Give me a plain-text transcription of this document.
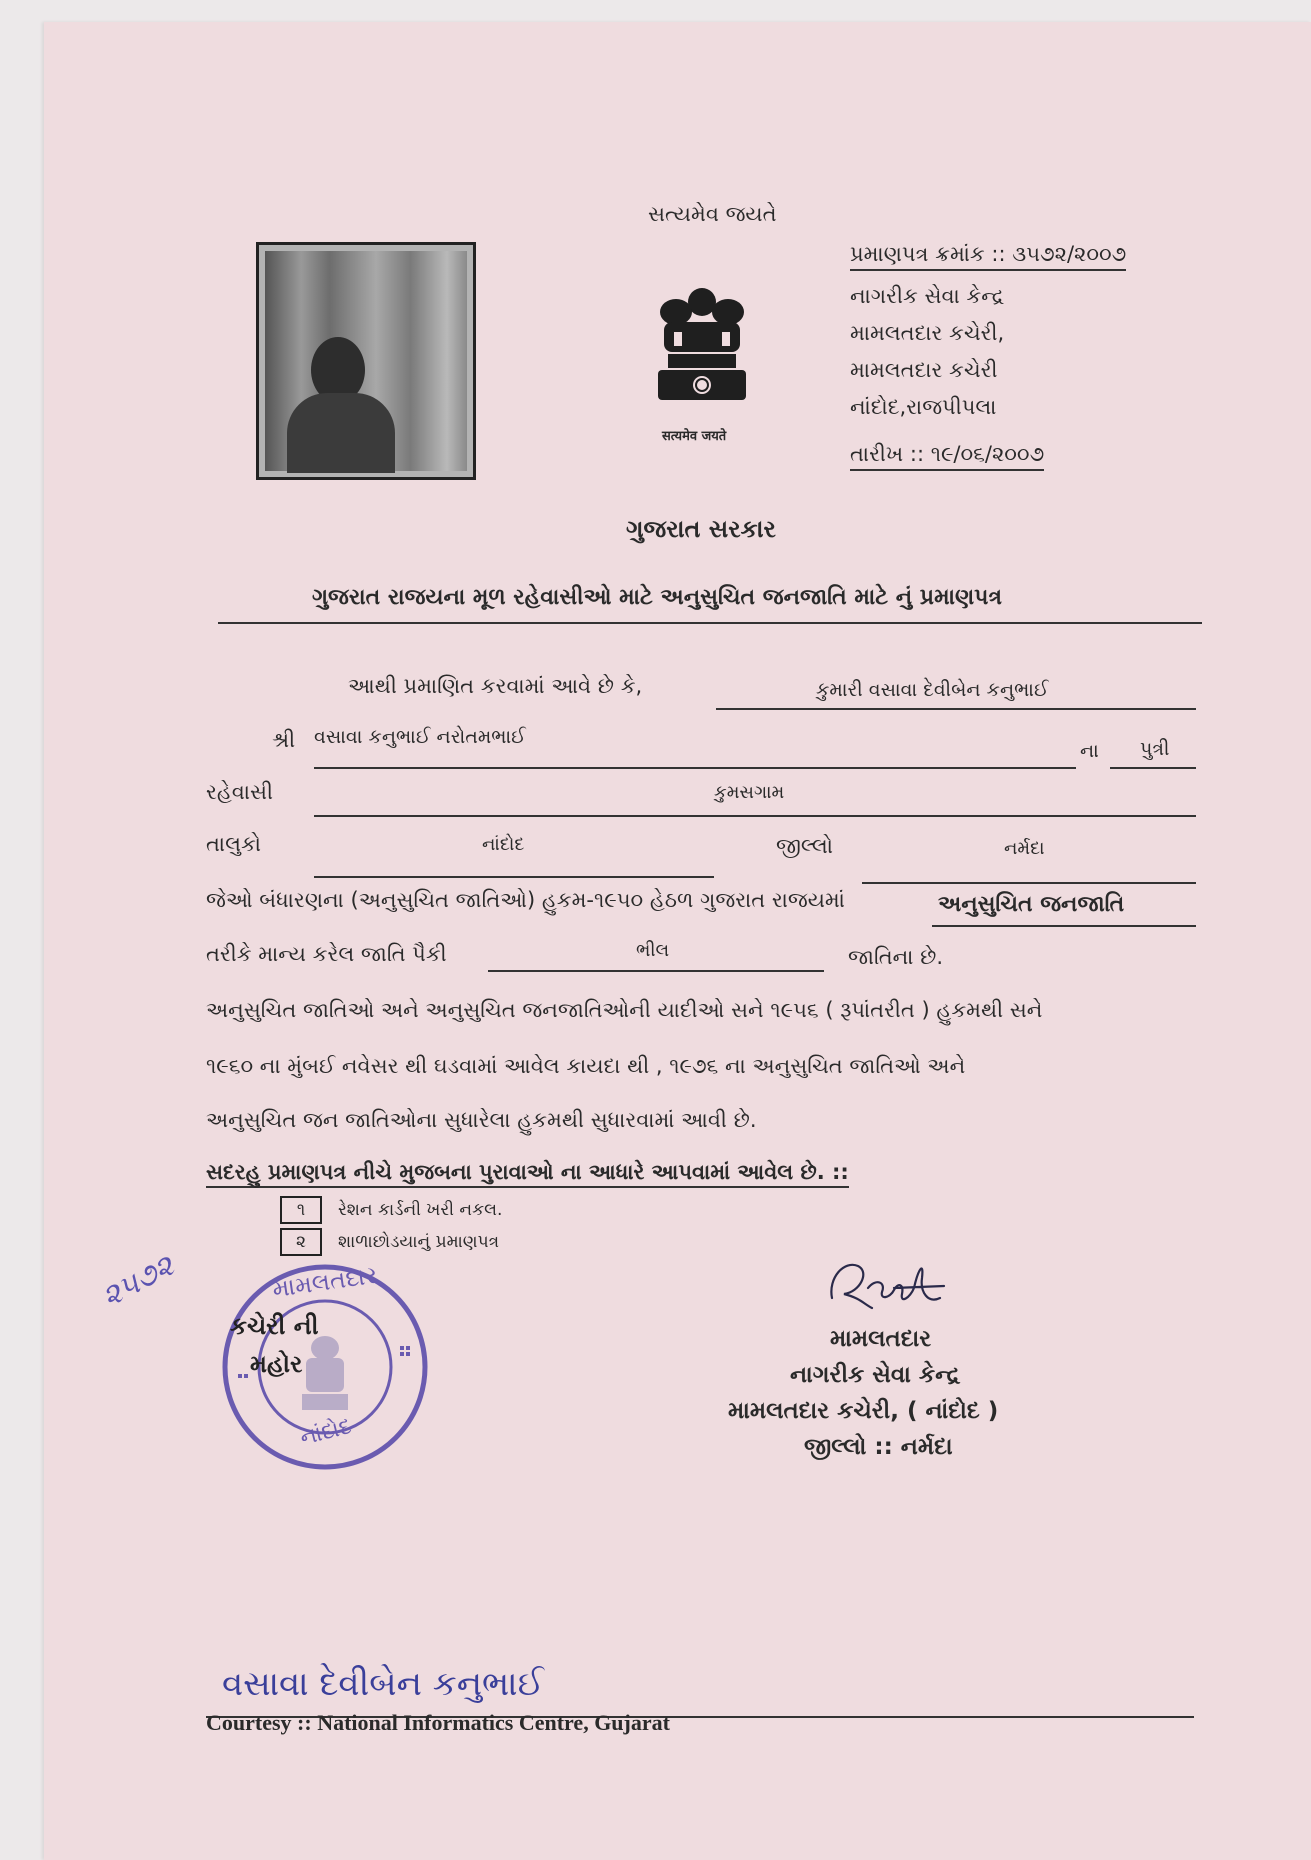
સત્યમેવ જયતે
सत्यमेव जयते
પ્રમાણપત્ર ક્રમાંક :: ૩૫૭૨/૨૦૦૭
નાગરીક સેવા કેન્દ્ર
મામલતદાર કચેરી,
મામલતદાર કચેરી
નાંદોદ,રાજપીપલા
તારીખ :: ૧૯/૦૬/૨૦૦૭
ગુજરાત સરકાર
ગુજરાત રાજયના મૂળ રહેવાસીઓ માટે અનુસુચિત જનજાતિ માટે નું પ્રમાણપત્ર
આથી પ્રમાણિત કરવામાં આવે છે કે,	કુમારી વસાવા દેવીબેન કનુભાઈ
શ્રી વસાવા કનુભાઈ નરોતમભાઈ
ના પુત્રી
રહેવાસી	કુમસગામ
તાલુકો	નાંદોદ	જીલ્લો	નર્મદા
જેઓ બંધારણના (અનુસુચિત જાતિઓ) હુકમ-૧૯૫૦ હેઠળ ગુજરાત રાજયમાં	અનુસુચિત જનજાતિ
તરીકે માન્ય કરેલ જાતિ પૈકી	ભીલ	જાતિના છે.
અનુસુચિત જાતિઓ અને અનુસુચિત જનજાતિઓની યાદીઓ સને ૧૯૫૬ ( રૂપાંતરીત ) હુકમથી સને
૧૯૬૦ ના મુંબઈ નવેસર થી ઘડવામાં આવેલ કાયદા થી , ૧૯૭૬ ના અનુસુચિત જાતિઓ અને
અનુસુચિત જન જાતિઓના સુધારેલા હુકમથી સુધારવામાં આવી છે.
સદરહુ પ્રમાણપત્ર નીચે મુજબના પુરાવાઓ ના આધારે આપવામાં આવેલ છે. ::
૧	રેશન કાર્ડની ખરી નકલ.
૨	શાળાછોડયાનું પ્રમાણપત્ર
૨૫૭૨	મામલતદાર
નાંદોદ
કચેરી ની
મહોર
મામલતદાર
નાગરીક સેવા કેન્દ્ર
મામલતદાર કચેરી, ( નાંદોદ )
જીલ્લો :: નર્મદા
વસાવા દેવીબેન કનુભાઈ
Courtesy :: National Informatics Centre, Gujarat
